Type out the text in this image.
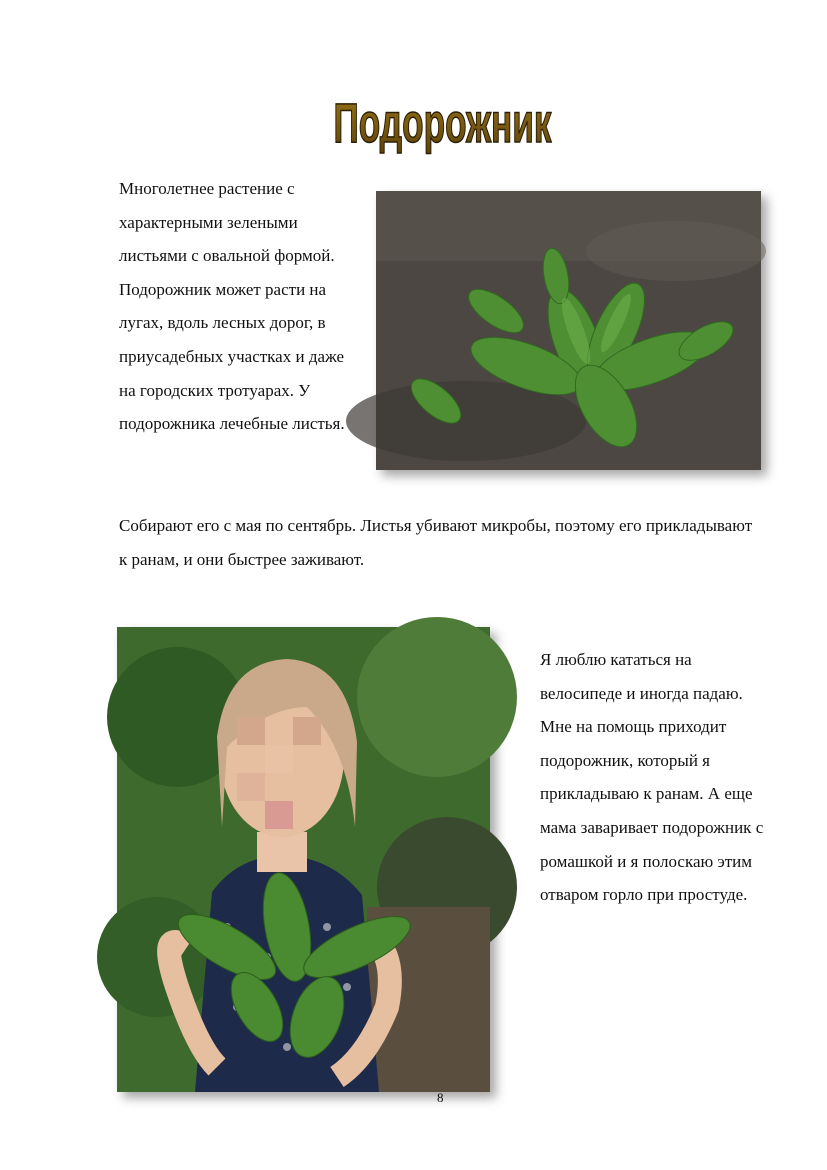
Подорожник

Многолетнее растение с характерными зелеными листьями с овальной формой. Подорожник может расти на лугах, вдоль лесных дорог, в приусадебных участках и даже на городских тротуарах. У подорожника лечебные листья.

Собирают его с мая по сентябрь. Листья убивают микробы, поэтому его прикладывают к ранам, и они быстрее заживают.

Я люблю кататься на велосипеде и иногда падаю. Мне на помощь приходит подорожник, который я прикладываю к ранам. А еще мама заваривает подорожник с ромашкой и я полоскаю этим отваром горло при простуде.

8
